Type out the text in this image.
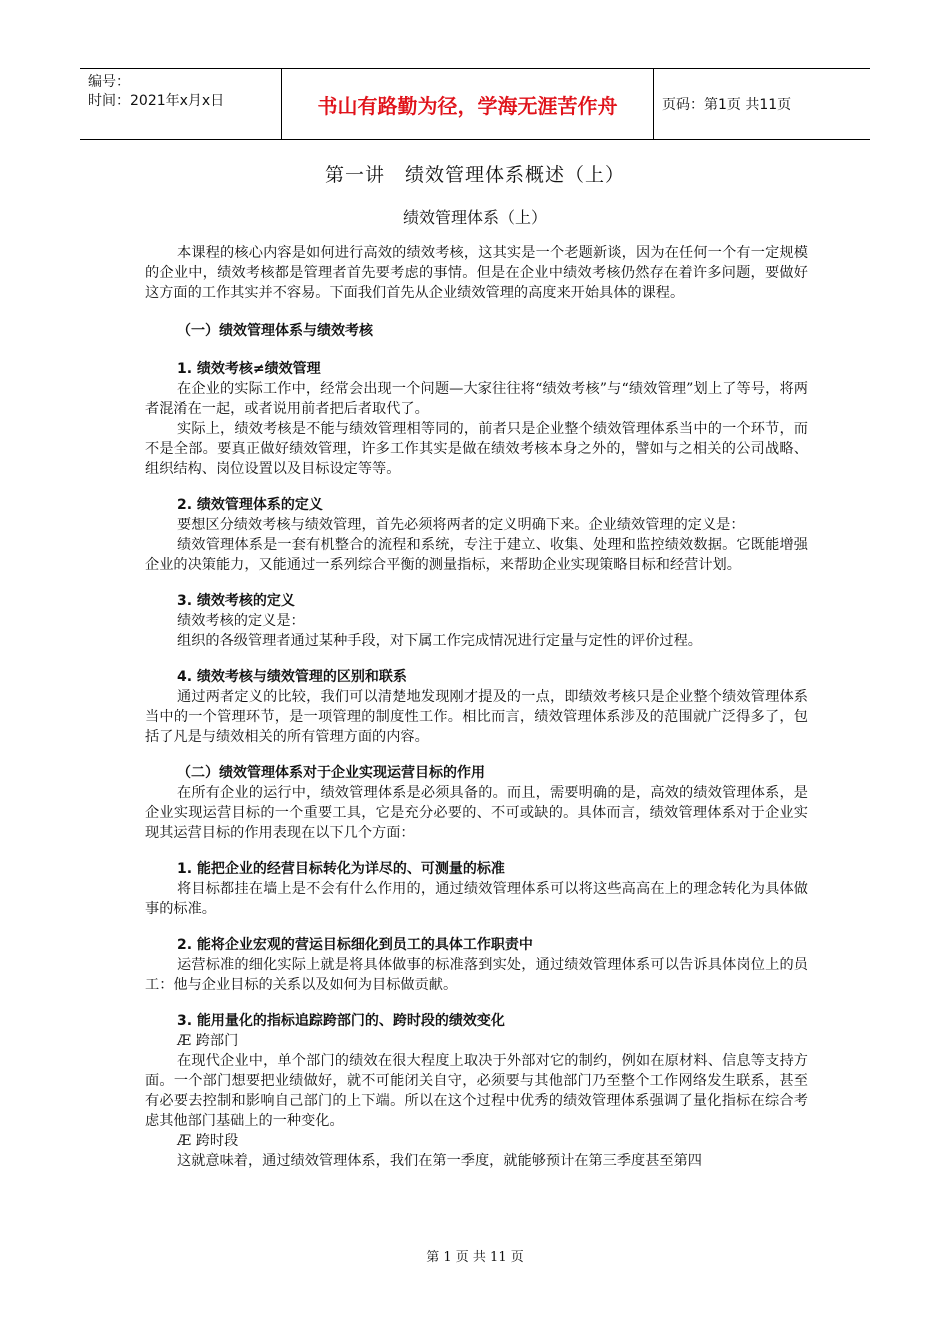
编号：
时间：2021年x月x日	书山有路勤为径，学海无涯苦作舟	页码：第1页 共11页
第一讲　绩效管理体系概述（上）
绩效管理体系（上）

本课程的核心内容是如何进行高效的绩效考核，这其实是一个老题新谈，因为在任何一个有一定规模的企业中，绩效考核都是管理者首先要考虑的事情。但是在企业中绩效考核仍然存在着许多问题，要做好这方面的工作其实并不容易。下面我们首先从企业绩效管理的高度来开始具体的课程。

（一）绩效管理体系与绩效考核

1. 绩效考核≠绩效管理

在企业的实际工作中，经常会出现一个问题—大家往往将“绩效考核”与“绩效管理”划上了等号，将两者混淆在一起，或者说用前者把后者取代了。

实际上，绩效考核是不能与绩效管理相等同的，前者只是企业整个绩效管理体系当中的一个环节，而不是全部。要真正做好绩效管理，许多工作其实是做在绩效考核本身之外的，譬如与之相关的公司战略、组织结构、岗位设置以及目标设定等等。

2. 绩效管理体系的定义

要想区分绩效考核与绩效管理，首先必须将两者的定义明确下来。企业绩效管理的定义是：

绩效管理体系是一套有机整合的流程和系统，专注于建立、收集、处理和监控绩效数据。它既能增强企业的决策能力，又能通过一系列综合平衡的测量指标，来帮助企业实现策略目标和经营计划。

3. 绩效考核的定义

绩效考核的定义是：

组织的各级管理者通过某种手段，对下属工作完成情况进行定量与定性的评价过程。

4. 绩效考核与绩效管理的区别和联系

通过两者定义的比较，我们可以清楚地发现刚才提及的一点，即绩效考核只是企业整个绩效管理体系当中的一个管理环节，是一项管理的制度性工作。相比而言，绩效管理体系涉及的范围就广泛得多了，包括了凡是与绩效相关的所有管理方面的内容。

（二）绩效管理体系对于企业实现运营目标的作用

在所有企业的运行中，绩效管理体系是必须具备的。而且，需要明确的是，高效的绩效管理体系，是企业实现运营目标的一个重要工具，它是充分必要的、不可或缺的。具体而言，绩效管理体系对于企业实现其运营目标的作用表现在以下几个方面：

1. 能把企业的经营目标转化为详尽的、可测量的标准

将目标都挂在墙上是不会有什么作用的，通过绩效管理体系可以将这些高高在上的理念转化为具体做事的标准。

2. 能将企业宏观的营运目标细化到员工的具体工作职责中

运营标准的细化实际上就是将具体做事的标准落到实处，通过绩效管理体系可以告诉具体岗位上的员工：他与企业目标的关系以及如何为目标做贡献。

3. 能用量化的指标追踪跨部门的、跨时段的绩效变化

Æ 跨部门

在现代企业中，单个部门的绩效在很大程度上取决于外部对它的制约，例如在原材料、信息等支持方面。一个部门想要把业绩做好，就不可能闭关自守，必须要与其他部门乃至整个工作网络发生联系，甚至有必要去控制和影响自己部门的上下端。所以在这个过程中优秀的绩效管理体系强调了量化指标在综合考虑其他部门基础上的一种变化。

Æ 跨时段

这就意味着，通过绩效管理体系，我们在第一季度，就能够预计在第三季度甚至第四

第 1 页 共 11 页
